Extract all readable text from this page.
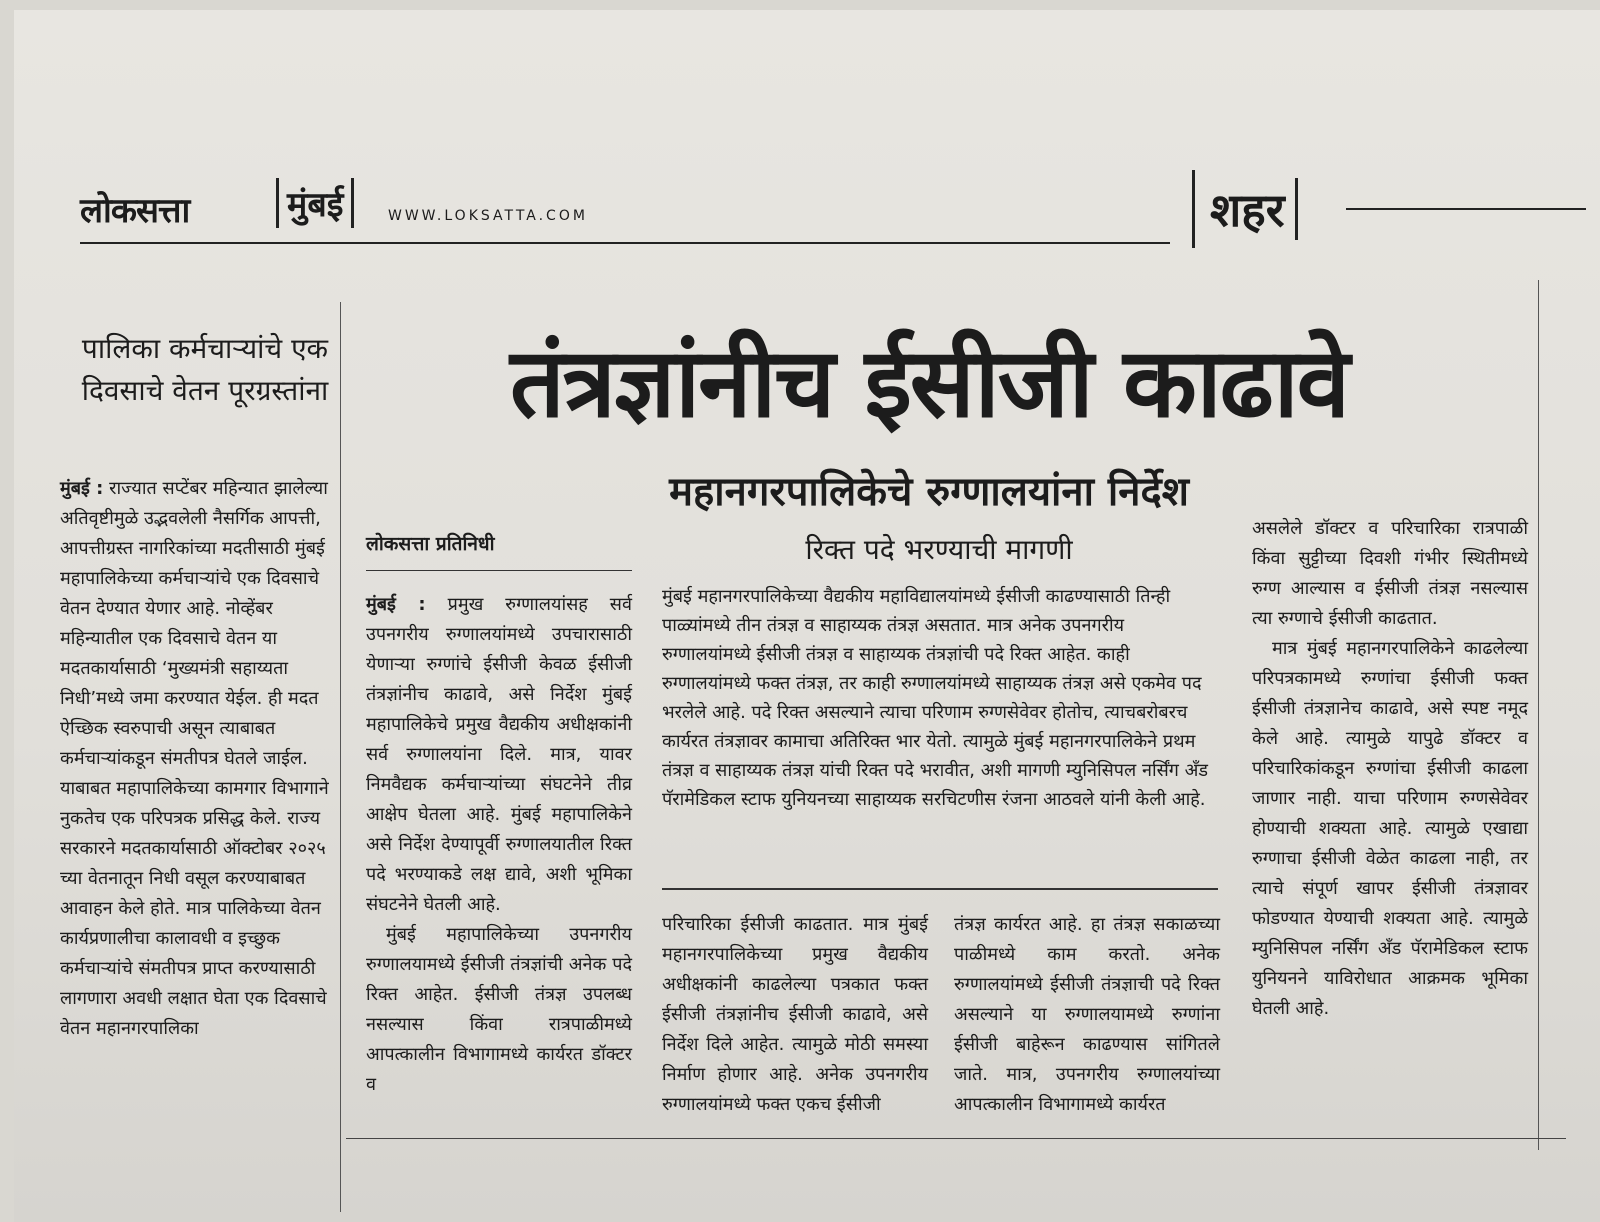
लोकसत्ता	मुंबई	WWW.LOKSATTA.COM	शहर
पालिका कर्मचाऱ्यांचे एक दिवसाचे वेतन पूरग्रस्तांना
मुंबई : राज्यात सप्टेंबर महिन्यात झालेल्या अतिवृष्टीमुळे उद्भवलेली नैसर्गिक आपत्ती, आपत्तीग्रस्त नागरिकांच्या मदतीसाठी मुंबई महापालिकेच्या कर्मचाऱ्यांचे एक दिवसाचे वेतन देण्यात येणार आहे. नोव्हेंबर महिन्यातील एक दिवसाचे वेतन या मदतकार्यासाठी ‘मुख्यमंत्री सहाय्यता निधी’मध्ये जमा करण्यात येईल. ही मदत ऐच्छिक स्वरुपाची असून त्याबाबत कर्मचाऱ्यांकडून संमतीपत्र घेतले जाईल. याबाबत महापालिकेच्या कामगार विभागाने नुकतेच एक परिपत्रक प्रसिद्ध केले. राज्य सरकारने मदतकार्यासाठी ऑक्टोबर २०२५ च्या वेतनातून निधी वसूल करण्याबाबत आवाहन केले होते. मात्र पालिकेच्या वेतन कार्यप्रणालीचा कालावधी व इच्छुक कर्मचाऱ्यांचे संमतीपत्र प्राप्त करण्यासाठी लागणारा अवधी लक्षात घेता एक दिवसाचे वेतन महानगरपालिका
तंत्रज्ञांनीच ईसीजी काढावे
महानगरपालिकेचे रुग्णालयांना निर्देश
लोकसत्ता प्रतिनिधी
मुंबई : प्रमुख रुग्णालयांसह सर्व उपनगरीय रुग्णालयांमध्ये उपचारासाठी येणाऱ्या रुग्णांचे ईसीजी केवळ ईसीजी तंत्रज्ञांनीच काढावे, असे निर्देश मुंबई महापालिकेचे प्रमुख वैद्यकीय अधीक्षकांनी सर्व रुग्णालयांना दिले. मात्र, यावर निमवैद्यक कर्मचाऱ्यांच्या संघटनेने तीव्र आक्षेप घेतला आहे. मुंबई महापालिकेने असे निर्देश देण्यापूर्वी रुग्णालयातील रिक्त पदे भरण्याकडे लक्ष द्यावे, अशी भूमिका संघटनेने घेतली आहे.
मुंबई महापालिकेच्या उपनगरीय रुग्णालयामध्ये ईसीजी तंत्रज्ञांची अनेक पदे रिक्त आहेत. ईसीजी तंत्रज्ञ उपलब्ध नसल्यास किंवा रात्रपाळीमध्ये आपत्कालीन विभागामध्ये कार्यरत डॉक्टर व
रिक्त पदे भरण्याची मागणी
मुंबई महानगरपालिकेच्या वैद्यकीय महाविद्यालयांमध्ये ईसीजी काढण्यासाठी तिन्ही पाळ्यांमध्ये तीन तंत्रज्ञ व साहाय्यक तंत्रज्ञ असतात. मात्र अनेक उपनगरीय रुग्णालयांमध्ये ईसीजी तंत्रज्ञ व साहाय्यक तंत्रज्ञांची पदे रिक्त आहेत. काही रुग्णालयांमध्ये फक्त तंत्रज्ञ, तर काही रुग्णालयांमध्ये साहाय्यक तंत्रज्ञ असे एकमेव पद भरलेले आहे. पदे रिक्त असल्याने त्याचा परिणाम रुग्णसेवेवर होतोच, त्याचबरोबरच कार्यरत तंत्रज्ञावर कामाचा अतिरिक्त भार येतो. त्यामुळे मुंबई महानगरपालिकेने प्रथम तंत्रज्ञ व साहाय्यक तंत्रज्ञ यांची रिक्त पदे भरावीत, अशी मागणी म्युनिसिपल नर्सिंग अँड पॅरामेडिकल स्टाफ युनियनच्या साहाय्यक सरचिटणीस रंजना आठवले यांनी केली आहे.
परिचारिका ईसीजी काढतात. मात्र मुंबई महानगरपालिकेच्या प्रमुख वैद्यकीय अधीक्षकांनी काढलेल्या पत्रकात फक्त ईसीजी तंत्रज्ञांनीच ईसीजी काढावे, असे निर्देश दिले आहेत. त्यामुळे मोठी समस्या निर्माण होणार आहे. अनेक उपनगरीय रुग्णालयांमध्ये फक्त एकच ईसीजी
तंत्रज्ञ कार्यरत आहे. हा तंत्रज्ञ सकाळच्या पाळीमध्ये काम करतो. अनेक रुग्णालयांमध्ये ईसीजी तंत्रज्ञाची पदे रिक्त असल्याने या रुग्णालयामध्ये रुग्णांना ईसीजी बाहेरून काढण्यास सांगितले जाते. मात्र, उपनगरीय रुग्णालयांच्या आपत्कालीन विभागामध्ये कार्यरत
असलेले डॉक्टर व परिचारिका रात्रपाळी किंवा सुट्टीच्या दिवशी गंभीर स्थितीमध्ये रुग्ण आल्यास व ईसीजी तंत्रज्ञ नसल्यास त्या रुग्णाचे ईसीजी काढतात.
मात्र मुंबई महानगरपालिकेने काढलेल्या परिपत्रकामध्ये रुग्णांचा ईसीजी फक्त ईसीजी तंत्रज्ञानेच काढावे, असे स्पष्ट नमूद केले आहे. त्यामुळे यापुढे डॉक्टर व परिचारिकांकडून रुग्णांचा ईसीजी काढला जाणार नाही. याचा परिणाम रुग्णसेवेवर होण्याची शक्यता आहे. त्यामुळे एखाद्या रुग्णाचा ईसीजी वेळेत काढला नाही, तर त्याचे संपूर्ण खापर ईसीजी तंत्रज्ञावर फोडण्यात येण्याची शक्यता आहे. त्यामुळे म्युनिसिपल नर्सिंग अँड पॅरामेडिकल स्टाफ युनियनने याविरोधात आक्रमक भूमिका घेतली आहे.
